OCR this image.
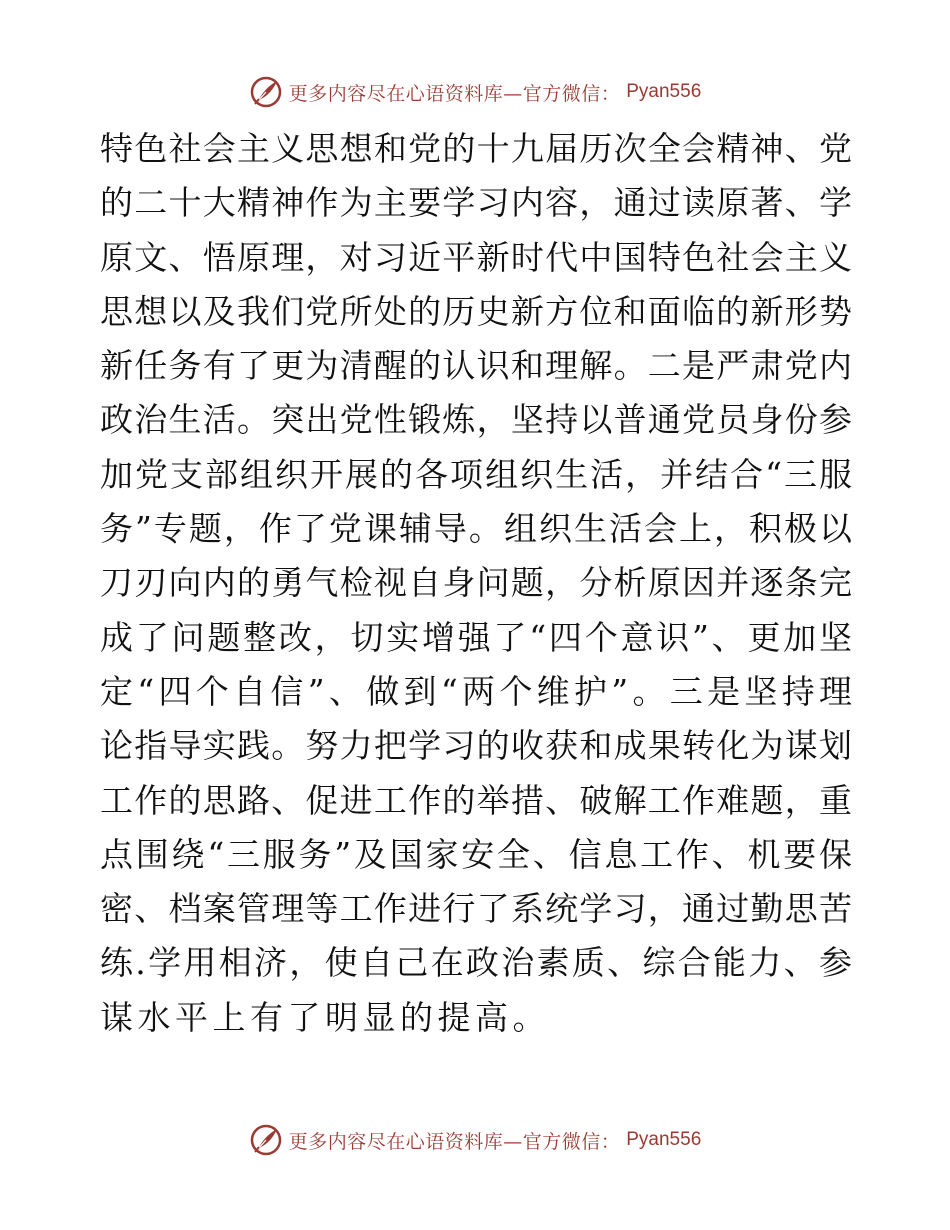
更多内容尽在心语资料库—官方微信： Pyan556
特色社会主义思想和党的十九届历次全会精神、党
的二十大精神作为主要学习内容，通过读原著、学
原文、悟原理，对习近平新时代中国特色社会主义
思想以及我们党所处的历史新方位和面临的新形势
新任务有了更为清醒的认识和理解。二是严肃党内
政治生活。突出党性锻炼，坚持以普通党员身份参
加党支部组织开展的各项组织生活，并结合“三服
务”专题，作了党课辅导。组织生活会上，积极以
刀刃向内的勇气检视自身问题，分析原因并逐条完
成了问题整改，切实增强了“四个意识”、更加坚
定“四个自信”、做到“两个维护”。三是坚持理
论指导实践。努力把学习的收获和成果转化为谋划
工作的思路、促进工作的举措、破解工作难题，重
点围绕“三服务”及国家安全、信息工作、机要保
密、档案管理等工作进行了系统学习，通过勤思苦
练.学用相济，使自己在政治素质、综合能力、参
谋水平上有了明显的提高。
更多内容尽在心语资料库—官方微信： Pyan556
